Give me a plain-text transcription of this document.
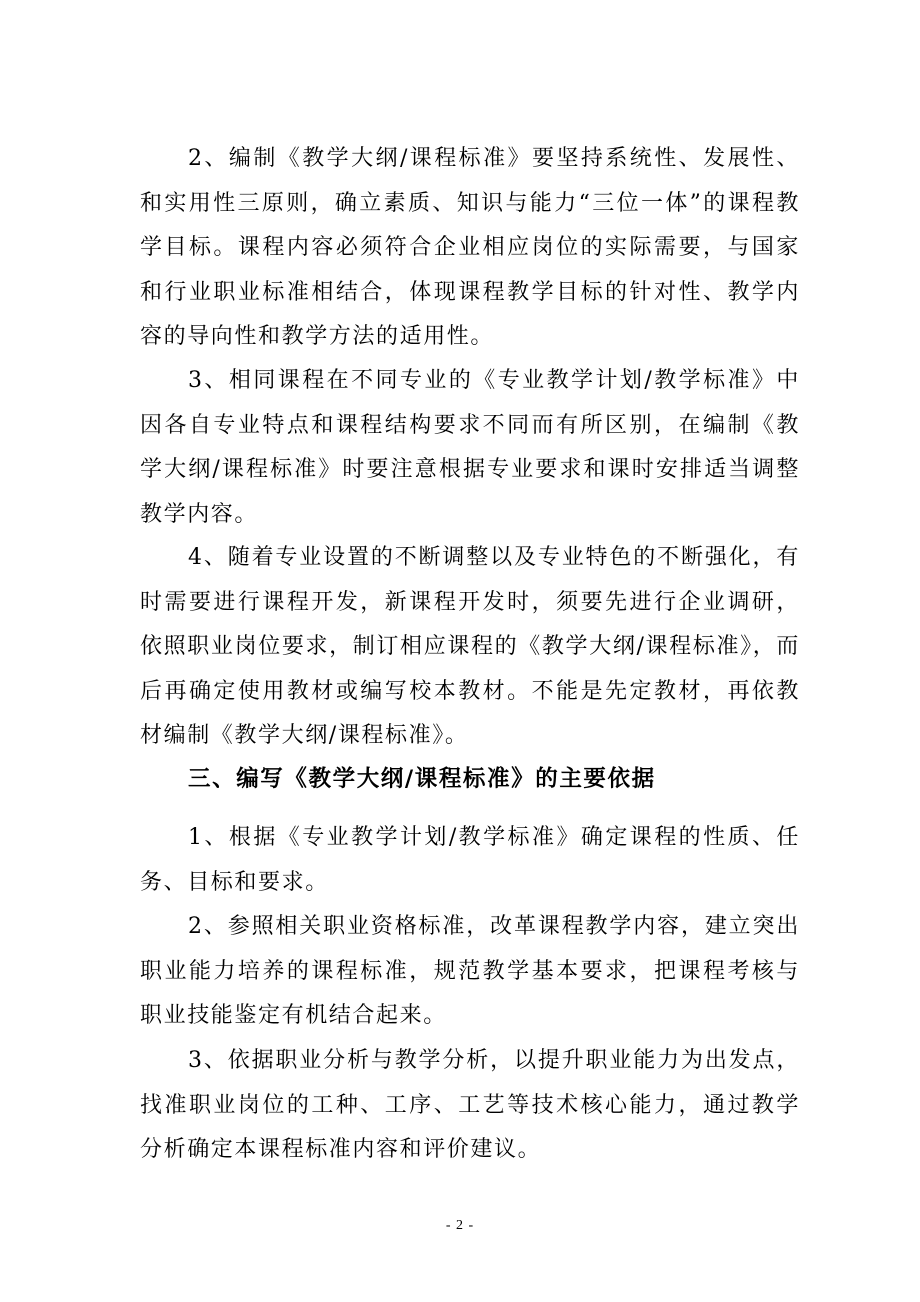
2、编制《教学大纲/课程标准》要坚持系统性、发展性、和实用性三原则，确立素质、知识与能力“三位一体”的课程教学目标。课程内容必须符合企业相应岗位的实际需要，与国家和行业职业标准相结合，体现课程教学目标的针对性、教学内容的导向性和教学方法的适用性。

3、相同课程在不同专业的《专业教学计划/教学标准》中因各自专业特点和课程结构要求不同而有所区别，在编制《教学大纲/课程标准》时要注意根据专业要求和课时安排适当调整教学内容。

4、随着专业设置的不断调整以及专业特色的不断强化，有时需要进行课程开发，新课程开发时，须要先进行企业调研，依照职业岗位要求，制订相应课程的《教学大纲/课程标准》，而后再确定使用教材或编写校本教材。不能是先定教材，再依教材编制《教学大纲/课程标准》。

三、编写《教学大纲/课程标准》的主要依据

1、根据《专业教学计划/教学标准》确定课程的性质、任务、目标和要求。

2、参照相关职业资格标准，改革课程教学内容，建立突出职业能力培养的课程标准，规范教学基本要求，把课程考核与职业技能鉴定有机结合起来。

3、依据职业分析与教学分析，以提升职业能力为出发点，找准职业岗位的工种、工序、工艺等技术核心能力，通过教学分析确定本课程标准内容和评价建议。

- 2 -
